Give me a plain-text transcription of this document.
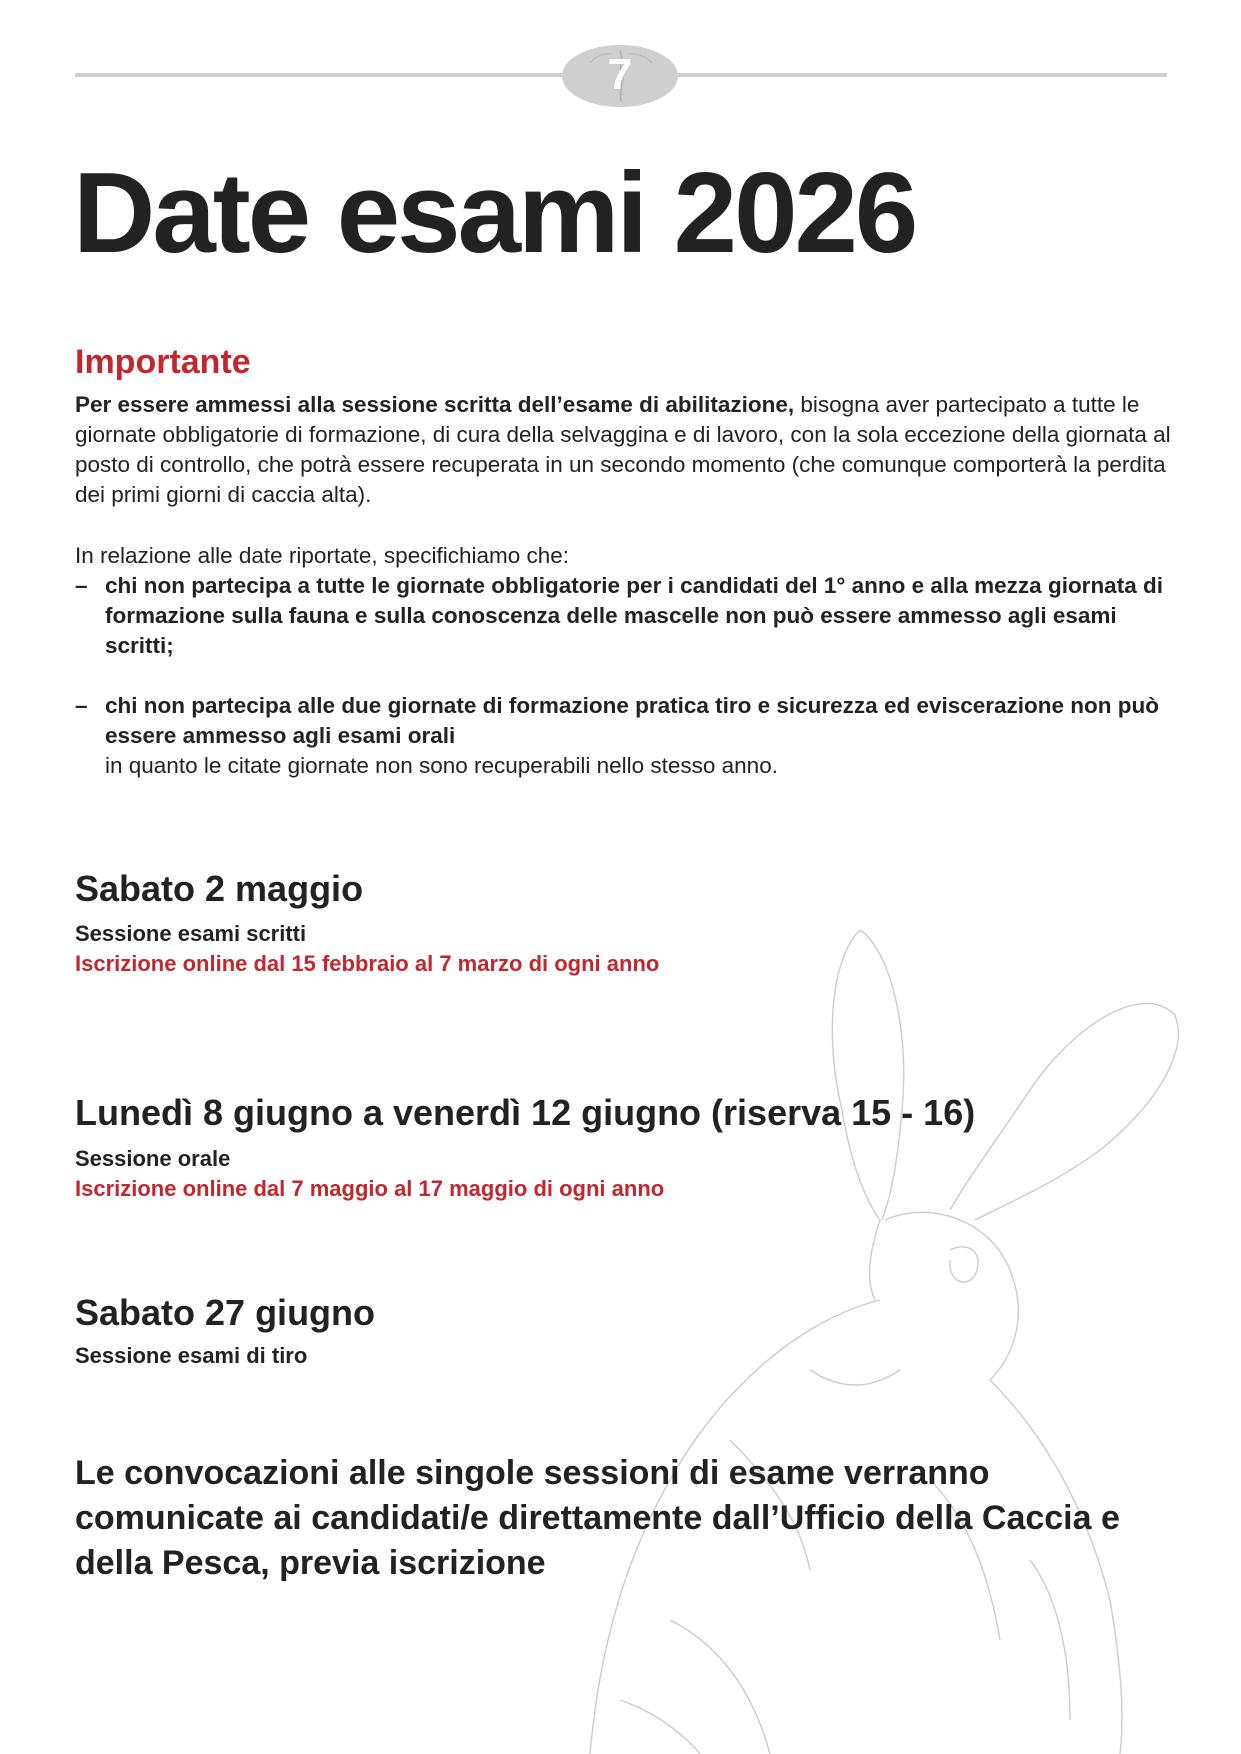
7
Date esami 2026
Importante

Per essere ammessi alla sessione scritta dell’esame di abilitazione, bisogna aver partecipato a tutte le giornate obbligatorie di formazione, di cura della selvaggina e di lavoro, con la sola eccezione della giornata al posto di controllo, che potrà essere recuperata in un secondo momento (che comunque comporterà la perdita dei primi giorni di caccia alta).

In relazione alle date riportate, specifichiamo che:

– chi non partecipa a tutte le giornate obbligatorie per i candidati del 1° anno e alla mezza giornata di formazione sulla fauna e sulla conoscenza delle mascelle non può essere ammesso agli esami scritti;
– chi non partecipa alle due giornate di formazione pratica tiro e sicurezza ed eviscerazione non può essere ammesso agli esami orali
in quanto le citate giornate non sono recuperabili nello stesso anno.
Sabato 2 maggio

Sessione esami scritti

Iscrizione online dal 15 febbraio al 7 marzo di ogni anno

Lunedì 8 giugno a venerdì 12 giugno (riserva 15 - 16)

Sessione orale

Iscrizione online dal 7 maggio al 17 maggio di ogni anno

Sabato 27 giugno

Sessione esami di tiro

Le convocazioni alle singole sessioni di esame verranno comunicate ai candidati/e direttamente dall’Ufficio della Caccia e della Pesca, previa iscrizione
